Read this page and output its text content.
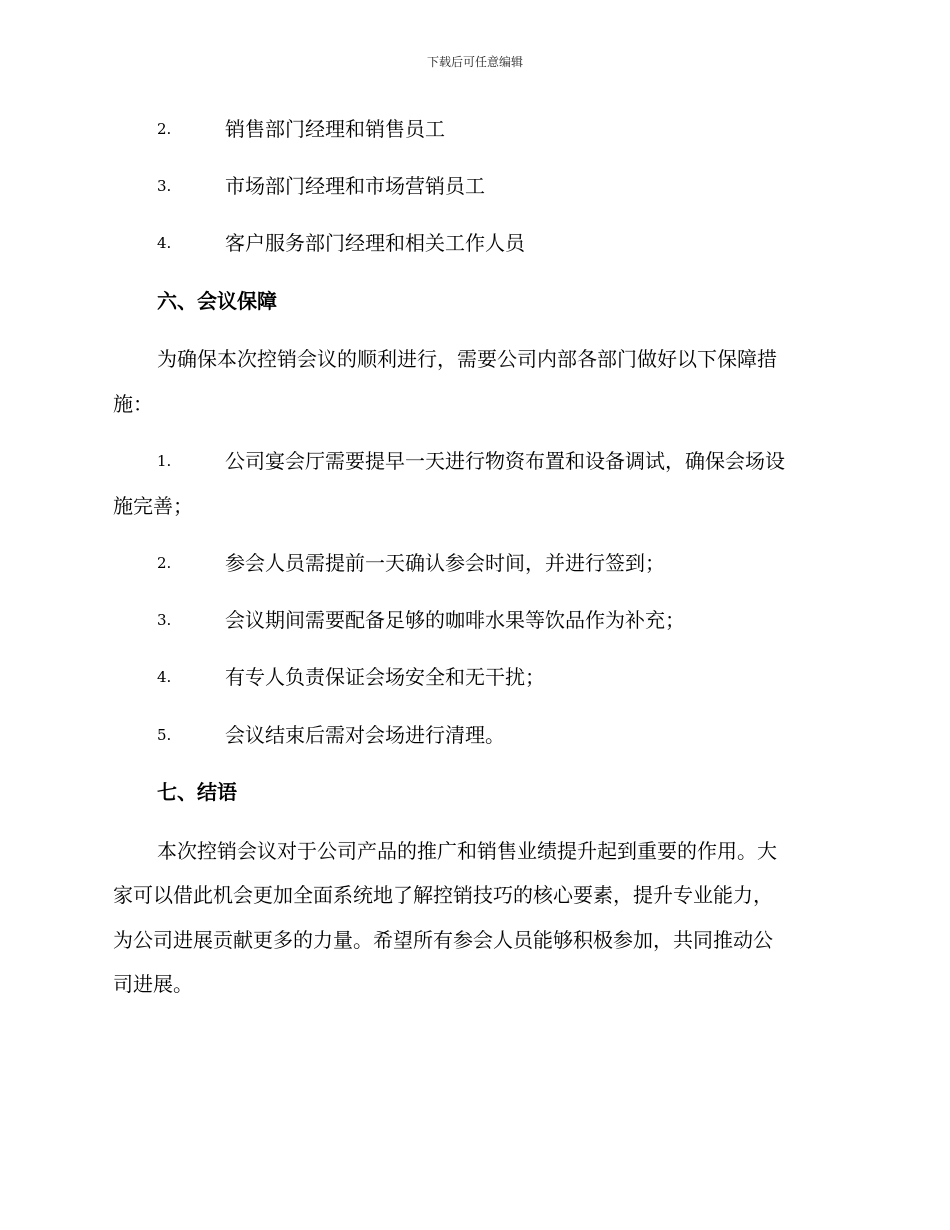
下载后可任意编辑
2.	销售部门经理和销售员工
3.	市场部门经理和市场营销员工
4.	客户服务部门经理和相关工作人员
六、会议保障
为确保本次控销会议的顺利进行，需要公司内部各部门做好以下保障措
施：
1.	公司宴会厅需要提早一天进行物资布置和设备调试，确保会场设
施完善；
2.	参会人员需提前一天确认参会时间，并进行签到；
3.	会议期间需要配备足够的咖啡水果等饮品作为补充；
4.	有专人负责保证会场安全和无干扰；
5.	会议结束后需对会场进行清理。
七、结语
本次控销会议对于公司产品的推广和销售业绩提升起到重要的作用。大
家可以借此机会更加全面系统地了解控销技巧的核心要素，提升专业能力，
为公司进展贡献更多的力量。希望所有参会人员能够积极参加，共同推动公
司进展。
